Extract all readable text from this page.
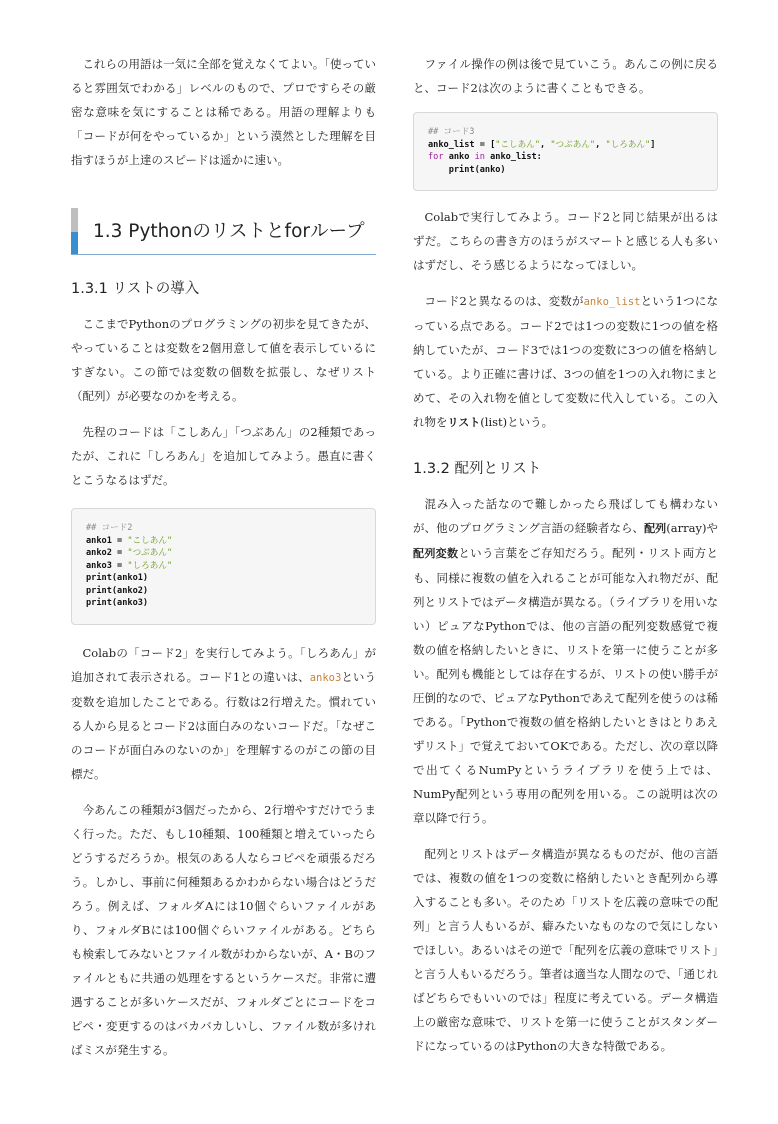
これらの用語は一気に全部を覚えなくてよい。「使っていると雰囲気でわかる」レベルのもので、プロですらその厳密な意味を気にすることは稀である。用語の理解よりも「コードが何をやっているか」という漠然とした理解を目指すほうが上達のスピードは遥かに速い。

1.3 Pythonのリストとforループ
1.3.1 リストの導入

ここまでPythonのプログラミングの初歩を見てきたが、やっていることは変数を2個用意して値を表示しているにすぎない。この節では変数の個数を拡張し、なぜリスト（配列）が必要なのかを考える。

先程のコードは「こしあん」「つぶあん」の2種類であったが、これに「しろあん」を追加してみよう。愚直に書くとこうなるはずだ。

## コード2
anko1 = "こしあん"
anko2 = "つぶあん"
anko3 = "しろあん"
print(anko1)
print(anko2)
print(anko3)

Colabの「コード2」を実行してみよう。「しろあん」が追加されて表示される。コード1との違いは、anko3という変数を追加したことである。行数は2行増えた。慣れている人から見るとコード2は面白みのないコードだ。「なぜこのコードが面白みのないのか」を理解するのがこの節の目標だ。

今あんこの種類が3個だったから、2行増やすだけでうまく行った。ただ、もし10種類、100種類と増えていったらどうするだろうか。根気のある人ならコピペを頑張るだろう。しかし、事前に何種類あるかわからない場合はどうだろう。例えば、フォルダAには10個ぐらいファイルがあり、フォルダBには100個ぐらいファイルがある。どちらも検索してみないとファイル数がわからないが、A・Bのファイルともに共通の処理をするというケースだ。非常に遭遇することが多いケースだが、フォルダごとにコードをコピペ・変更するのはバカバカしいし、ファイル数が多ければミスが発生する。

ファイル操作の例は後で見ていこう。あんこの例に戻ると、コード2は次のように書くこともできる。

## コード3
anko_list = ["こしあん", "つぶあん", "しろあん"]
for anko in anko_list:
print(anko)

Colabで実行してみよう。コード2と同じ結果が出るはずだ。こちらの書き方のほうがスマートと感じる人も多いはずだし、そう感じるようになってほしい。

コード2と異なるのは、変数がanko_listという1つになっている点である。コード2では1つの変数に1つの値を格納していたが、コード3では1つの変数に3つの値を格納している。より正確に書けば、3つの値を1つの入れ物にまとめて、その入れ物を値として変数に代入している。この入れ物をリスト(list)という。

1.3.2 配列とリスト

混み入った話なので難しかったら飛ばしても構わないが、他のプログラミング言語の経験者なら、配列(array)や配列変数という言葉をご存知だろう。配列・リスト両方とも、同様に複数の値を入れることが可能な入れ物だが、配列とリストではデータ構造が異なる。（ライブラリを用いない）ピュアなPythonでは、他の言語の配列変数感覚で複数の値を格納したいときに、リストを第一に使うことが多い。配列も機能としては存在するが、リストの使い勝手が圧倒的なので、ピュアなPythonであえて配列を使うのは稀である。「Pythonで複数の値を格納したいときはとりあえずリスト」で覚えておいてOKである。ただし、次の章以降で出てくるNumPyというライブラリを使う上では、NumPy配列という専用の配列を用いる。この説明は次の章以降で行う。

配列とリストはデータ構造が異なるものだが、他の言語では、複数の値を1つの変数に格納したいとき配列から導入することも多い。そのため「リストを広義の意味での配列」と言う人もいるが、癖みたいなものなので気にしないでほしい。あるいはその逆で「配列を広義の意味でリスト」と言う人もいるだろう。筆者は適当な人間なので、「通じればどちらでもいいのでは」程度に考えている。データ構造上の厳密な意味で、リストを第一に使うことがスタンダードになっているのはPythonの大きな特徴である。
